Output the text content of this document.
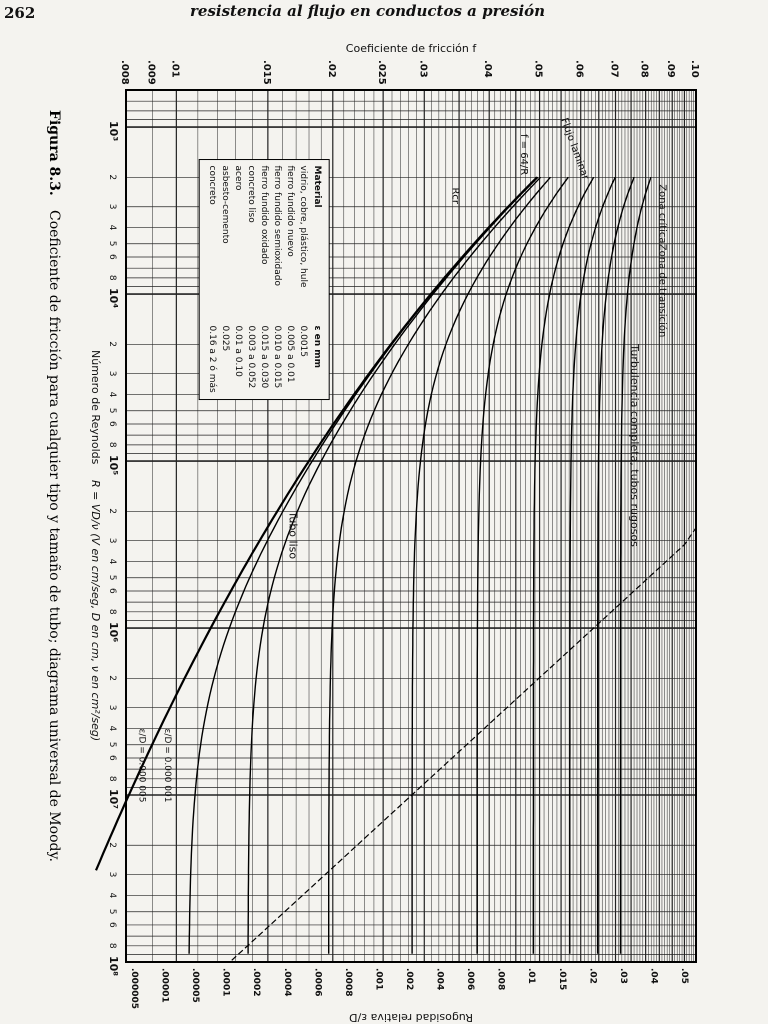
262	resistencia al flujo en conductos a presión
.10
.09
.08
.07
.06
.05
.04
.03
.025
.02
.015
.01
.009
.008
Coeficiente de fricción f
10³
2
3
4
5
6
8
10⁴
2
3
4
5
6
8
10⁵
2
3
4
5
6
8
10⁶
2
3
4
5
6
8
10⁷
2
3
4
5
6
8
10⁸
Número de Reynolds
R = VD/ν (V en cm/seg, D en cm, ν en cm²/seg)
.05
.04
.03
.02
.015
.01
.008
.006
.004
.002
.001
.0008
.0006
.0004
.0002
.0001
.00005
.00001
.000005
Rugosidad relativa ε/D
Flujo laminar
f = 64/R
Zona crítica
Zona de transición
Turbulencia completa, tubos rugosos
Tubo liso
Rcr
ε/D = 0.000 001
ε/D = 0.000 005
Material
ε en mm
vidrio, cobre, plástico, hule
0.0015
fierro fundido nuevo
0.005 a 0.01
fierro fundido semioxidado
0.010 a 0.015
fierro fundido oxidado
0.015 a 0.030
concreto liso
0.003 a 0.052
acero
0.01 a 0.10
asbesto-cemento
0.025
concreto
0.16 a 2 ó más
Figura 8.3.
Coeficiente de fricción para cualquier tipo y tamaño de tubo; diagrama universal de Moody.
